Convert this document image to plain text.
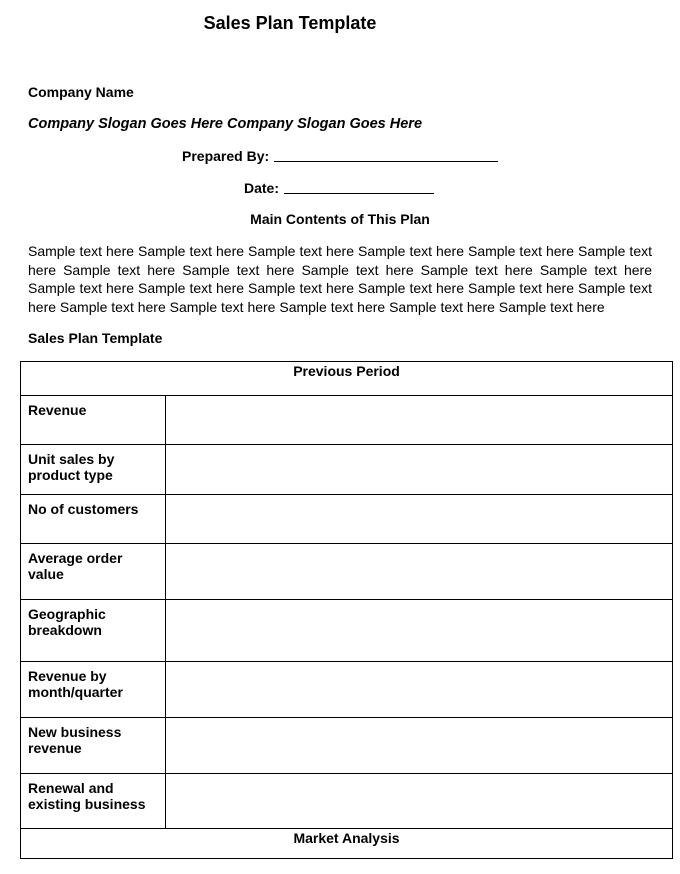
Sales Plan Template
Company Name
Company Slogan Goes Here Company Slogan Goes Here
Prepared By:
Date:
Main Contents of This Plan
Sample text here Sample text here Sample text here Sample text here Sample text here Sample text here Sample text here Sample text here Sample text here Sample text here Sample text here Sample text here Sample text here Sample text here Sample text here Sample text here Sample text here Sample text here Sample text here Sample text here Sample text here Sample text here
Sales Plan Template
Previous Period	
Revenue	
Unit sales by product type	
No of customers	
Average order value	
Geographic breakdown	
Revenue by month/quarter	
New business revenue	
Renewal and existing business	
Market Analysis	
